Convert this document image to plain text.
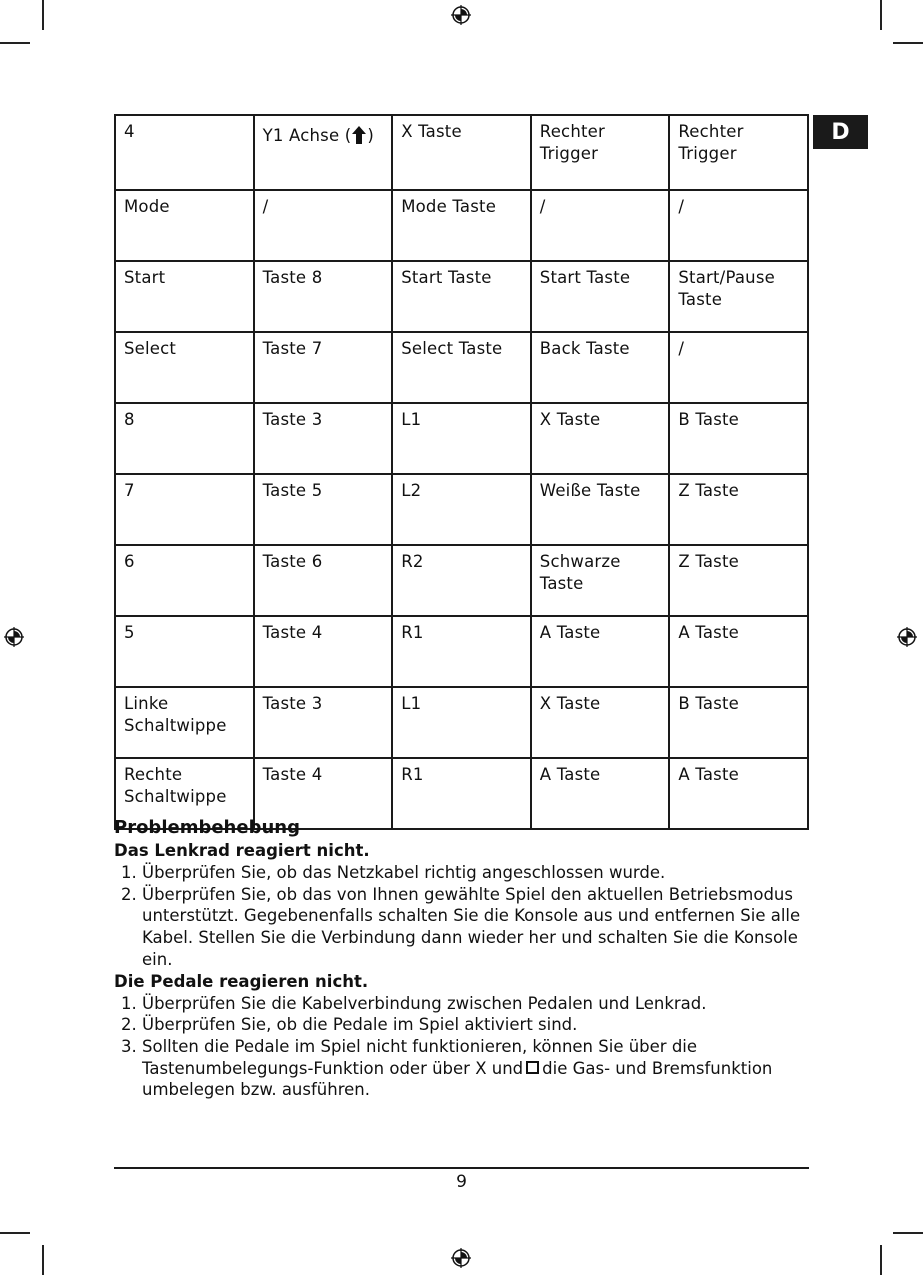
D
4	Y1 Achse ( )	X Taste	Rechter Trigger	Rechter Trigger
Mode	/	Mode Taste	/	/
Start	Taste 8	Start Taste	Start Taste	Start/Pause Taste
Select	Taste 7	Select Taste	Back Taste	/
8	Taste 3	L1	X Taste	B Taste
7	Taste 5	L2	Weiße Taste	Z Taste
6	Taste 6	R2	Schwarze Taste	Z Taste
5	Taste 4	R1	A Taste	A Taste
Linke Schaltwippe	Taste 3	L1	X Taste	B Taste
Rechte Schaltwippe	Taste 4	R1	A Taste	A Taste
Problembehebung
Das Lenkrad reagiert nicht.
1. Überprüfen Sie, ob das Netzkabel richtig angeschlossen wurde.
2. Überprüfen Sie, ob das von Ihnen gewählte Spiel den aktuellen Betriebsmodus unterstützt. Gegebenenfalls schalten Sie die Konsole aus und entfernen Sie alle Kabel. Stellen Sie die Verbindung dann wieder her und schalten Sie die Konsole ein.
Die Pedale reagieren nicht.
1. Überprüfen Sie die Kabelverbindung zwischen Pedalen und Lenkrad.
2. Überprüfen Sie, ob die Pedale im Spiel aktiviert sind.
3. Sollten die Pedale im Spiel nicht funktionieren, können Sie über die Tastenumbelegungs-Funktion oder über X und die Gas- und Bremsfunktion umbelegen bzw. ausführen.
9
